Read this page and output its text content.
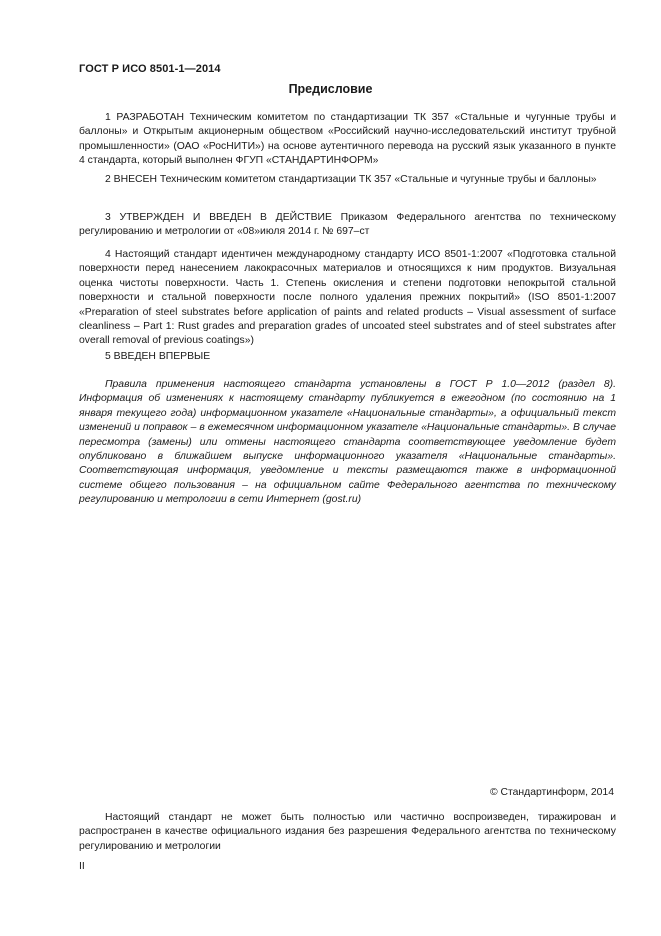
ГОСТ Р ИСО 8501-1—2014
Предисловие
1 РАЗРАБОТАН Техническим комитетом по стандартизации ТК 357 «Стальные и чугунные трубы и баллоны» и Открытым акционерным обществом «Российский научно-исследовательский институт трубной промышленности» (ОАО «РосНИТИ») на основе аутентичного перевода на русский язык указанного в пункте 4 стандарта, который выполнен ФГУП «СТАНДАРТИНФОРМ»
2 ВНЕСЕН Техническим комитетом стандартизации ТК 357 «Стальные и чугунные трубы и баллоны»
3 УТВЕРЖДЕН И ВВЕДЕН В ДЕЙСТВИЕ Приказом Федерального агентства по техническому регулированию и метрологии от «08»июля 2014 г. № 697–ст
4 Настоящий стандарт идентичен международному стандарту ИСО 8501-1:2007 «Подготовка стальной поверхности перед нанесением лакокрасочных материалов и относящихся к ним продуктов. Визуальная оценка чистоты поверхности. Часть 1. Степень окисления и степени подготовки непокрытой стальной поверхности и стальной поверхности после полного удаления прежних покрытий» (ISO 8501-1:2007 «Preparation of steel substrates before application of paints and related products – Visual assessment of surface cleanliness – Part 1: Rust grades and preparation grades of uncoated steel substrates and of steel substrates after overall removal of previous coatings»)
5 ВВЕДЕН ВПЕРВЫЕ
Правила применения настоящего стандарта установлены в ГОСТ Р 1.0—2012 (раздел 8). Информация об изменениях к настоящему стандарту публикуется в ежегодном (по состоянию на 1 января текущего года) информационном указателе «Национальные стандарты», а официальный текст изменений и поправок – в ежемесячном информационном указателе «Национальные стандарты». В случае пересмотра (замены) или отмены настоящего стандарта соответствующее уведомление будет опубликовано в ближайшем выпуске информационного указателя «Национальные стандарты». Соответствующая информация, уведомление и тексты размещаются также в информационной системе общего пользования – на официальном сайте Федерального агентства по техническому регулированию и метрологии в сети Интернет (gost.ru)
© Стандартинформ, 2014
Настоящий стандарт не может быть полностью или частично воспроизведен, тиражирован и распространен в качестве официального издания без разрешения Федерального агентства по техническому регулированию и метрологии
II
